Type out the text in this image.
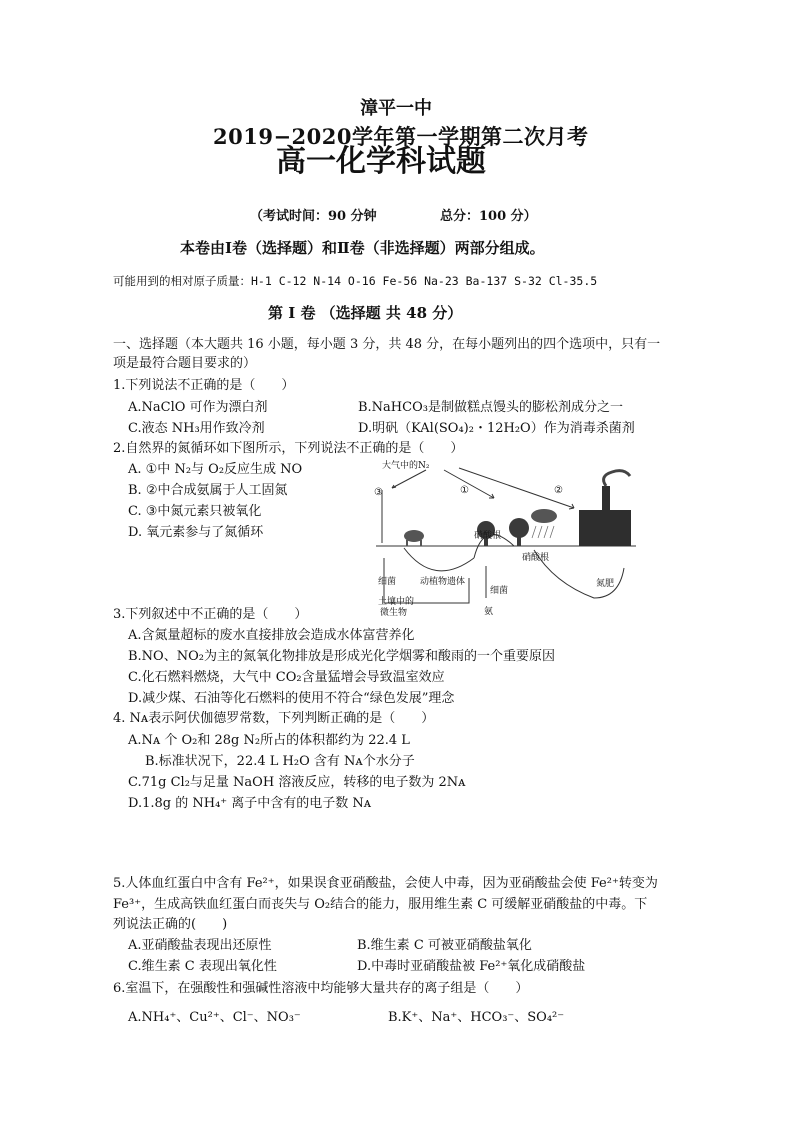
漳平一中
2019−2020学年第一学期第二次月考
高一化学科试题
（考试时间：90 分钟	总分：100 分）
本卷由Ⅰ卷（选择题）和Ⅱ卷（非选择题）两部分组成。
可能用到的相对原子质量：H-1 C-12 N-14 O-16 Fe-56 Na-23 Ba-137 S-32 Cl-35.5
第 Ⅰ 卷 （选择题 共 48 分）
一、选择题（本大题共 16 小题，每小题 3 分，共 48 分，在每小题列出的四个选项中，只有一
项是最符合题目要求的）
1.下列说法不正确的是（　　）
A.NaClO 可作为漂白剂	B.NaHCO₃是制做糕点馒头的膨松剂成分之一
C.液态 NH₃用作致冷剂	D.明矾（KAl(SO₄)₂・12H₂O）作为消毒杀菌剂
2.自然界的氮循环如下图所示，下列说法不正确的是（　　）
A. ①中 N₂与 O₂反应生成 NO
B. ②中合成氨属于人工固氮
C. ③中氮元素只被氧化
D. 氧元素参与了氮循环
大气中的N₂
③	①	②
硝酸根
硝酸根
氮肥
细菌	动植物遗体
细菌
土壤中的
微生物	氨
3.下列叙述中不正确的是（　　）
A.含氮量超标的废水直接排放会造成水体富营养化
B.NO、NO₂为主的氮氧化物排放是形成光化学烟雾和酸雨的一个重要原因
C.化石燃料燃烧，大气中 CO₂含量猛增会导致温室效应
D.减少煤、石油等化石燃料的使用不符合“绿色发展”理念
4. Nᴀ表示阿伏伽德罗常数，下列判断正确的是（　　）
A.Nᴀ 个 O₂和 28g N₂所占的体积都约为 22.4 L
B.标准状况下，22.4 L H₂O 含有 Nᴀ个水分子
C.71g Cl₂与足量 NaOH 溶液反应，转移的电子数为 2Nᴀ
D.1.8g 的 NH₄⁺ 离子中含有的电子数 Nᴀ
5.人体血红蛋白中含有 Fe²⁺，如果误食亚硝酸盐，会使人中毒，因为亚硝酸盐会使 Fe²⁺转变为
Fe³⁺，生成高铁血红蛋白而丧失与 O₂结合的能力，服用维生素 C 可缓解亚硝酸盐的中毒。下
列说法正确的(　　)
A.亚硝酸盐表现出还原性	B.维生素 C 可被亚硝酸盐氧化
C.维生素 C 表现出氧化性	D.中毒时亚硝酸盐被 Fe²⁺氧化成硝酸盐
6.室温下，在强酸性和强碱性溶液中均能够大量共存的离子组是（　　）
A.NH₄⁺、Cu²⁺、Cl⁻、NO₃⁻	B.K⁺、Na⁺、HCO₃⁻、SO₄²⁻
